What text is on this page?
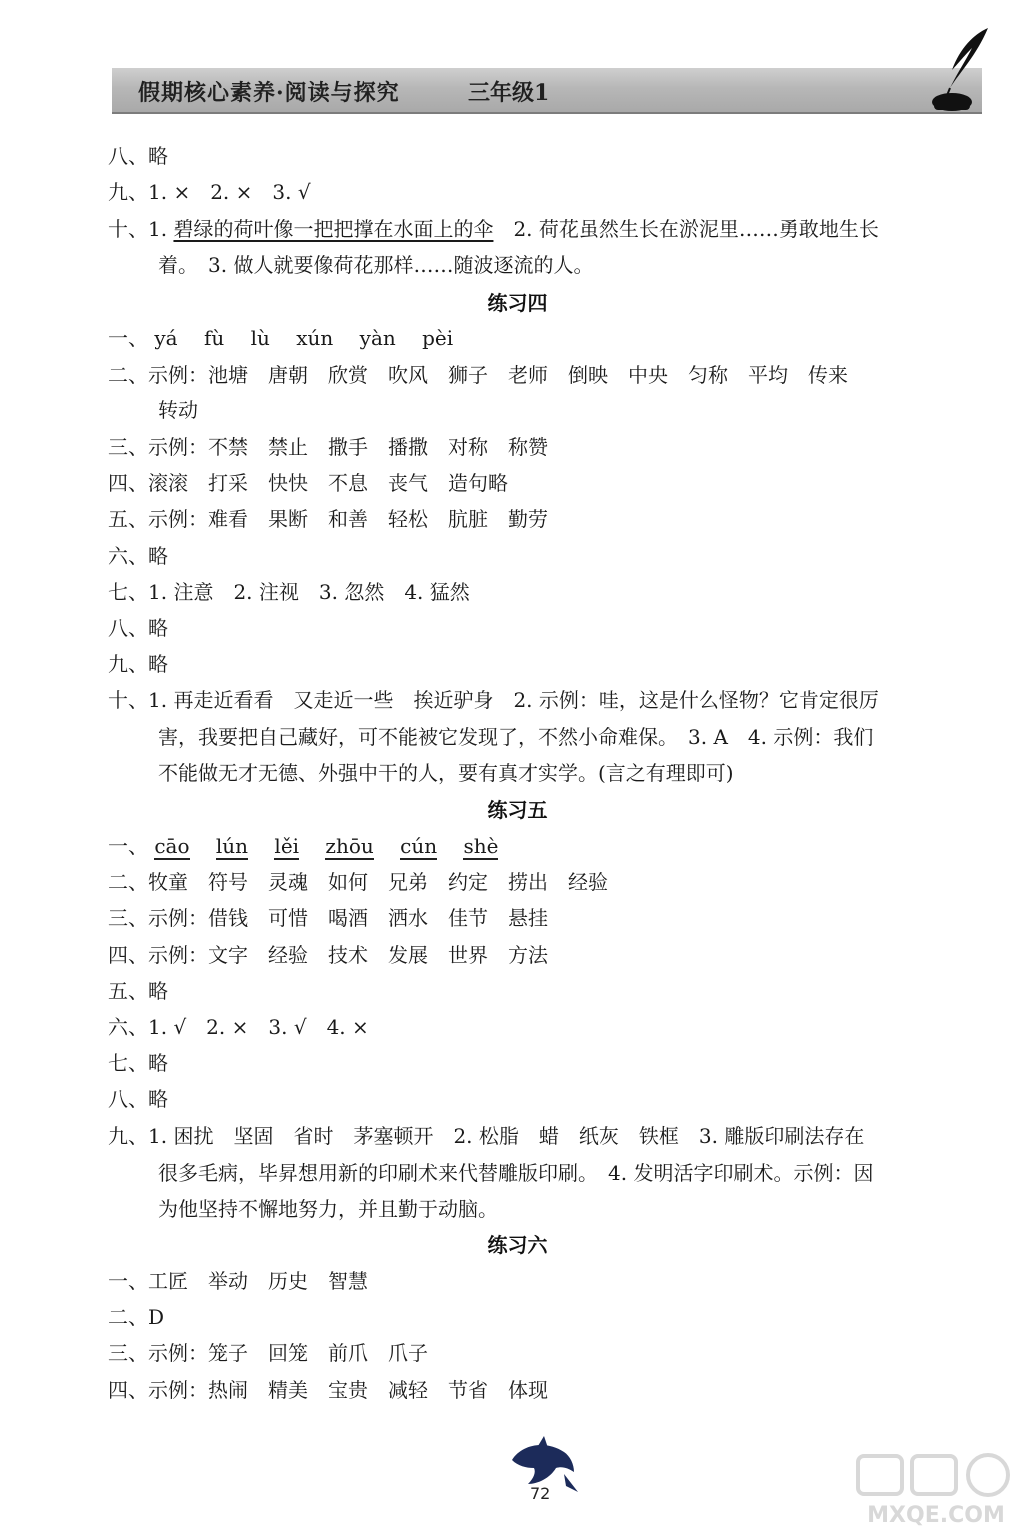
假期核心素养·阅读与探究	三年级1
八、略
九、1. ×　2. ×　3. √
十、1. 碧绿的荷叶像一把把撑在水面上的伞　2. 荷花虽然生长在淤泥里……勇敢地生长
着。　3. 做人就要像荷花那样……随波逐流的人。
练习四
一、 yá fù lù xún yàn pèi
二、示例：池塘　唐朝　欣赏　吹风　狮子　老师　倒映　中央　匀称　平均　传来
转动
三、示例：不禁　禁止　撒手　播撒　对称　称赞
四、滚滚　打采　快快　不息　丧气　造句略
五、示例：难看　果断　和善　轻松　肮脏　勤劳
六、略
七、1. 注意　2. 注视　3. 忽然　4. 猛然
八、略
九、略
十、1. 再走近看看　又走近一些　挨近驴身　2. 示例：哇，这是什么怪物？它肯定很厉
害，我要把自己藏好，可不能被它发现了，不然小命难保。　3. A　4. 示例：我们
不能做无才无德、外强中干的人，要有真才实学。(言之有理即可)
练习五
一、 cāo lún lěi zhōu cún shè
二、牧童　符号　灵魂　如何　兄弟　约定　捞出　经验
三、示例：借钱　可惜　喝酒　洒水　佳节　悬挂
四、示例：文字　经验　技术　发展　世界　方法
五、略
六、1. √　2. ×　3. √　4. ×
七、略
八、略
九、1. 困扰　坚固　省时　茅塞顿开　2. 松脂　蜡　纸灰　铁框　3. 雕版印刷法存在
很多毛病，毕昇想用新的印刷术来代替雕版印刷。　4. 发明活字印刷术。示例：因
为他坚持不懈地努力，并且勤于动脑。
练习六
一、工匠　举动　历史　智慧
二、D
三、示例：笼子　回笼　前爪　爪子
四、示例：热闹　精美　宝贵　减轻　节省　体现
72
MXQE.COM
